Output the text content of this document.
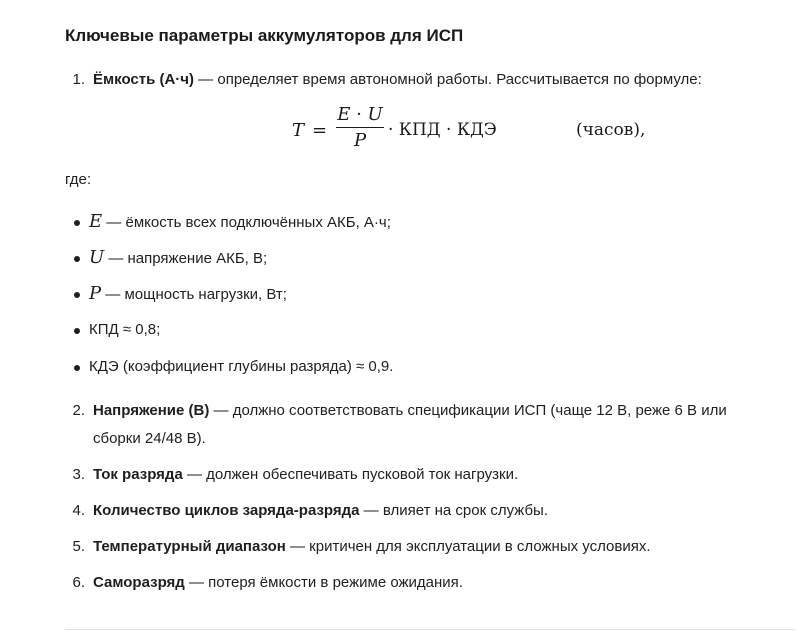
Ключевые параметры аккумуляторов для ИСП
1. Ёмкость (А·ч) — определяет время автономной работы. Рассчитывается по формуле:
T =
E · U
P	· КПД · КДЭ	(часов),
где:
E — ёмкость всех подключённых АКБ, А·ч;
U — напряжение АКБ, В;
P — мощность нагрузки, Вт;
КПД ≈ 0,8;
КДЭ (коэффициент глубины разряда) ≈ 0,9.
2. Напряжение (В) — должно соответствовать спецификации ИСП (чаще 12 В, реже 6 В или
сборки 24/48 В).
3. Ток разряда — должен обеспечивать пусковой ток нагрузки.
4. Количество циклов заряда-разряда — влияет на срок службы.
5. Температурный диапазон — критичен для эксплуатации в сложных условиях.
6. Саморазряд — потеря ёмкости в режиме ожидания.
